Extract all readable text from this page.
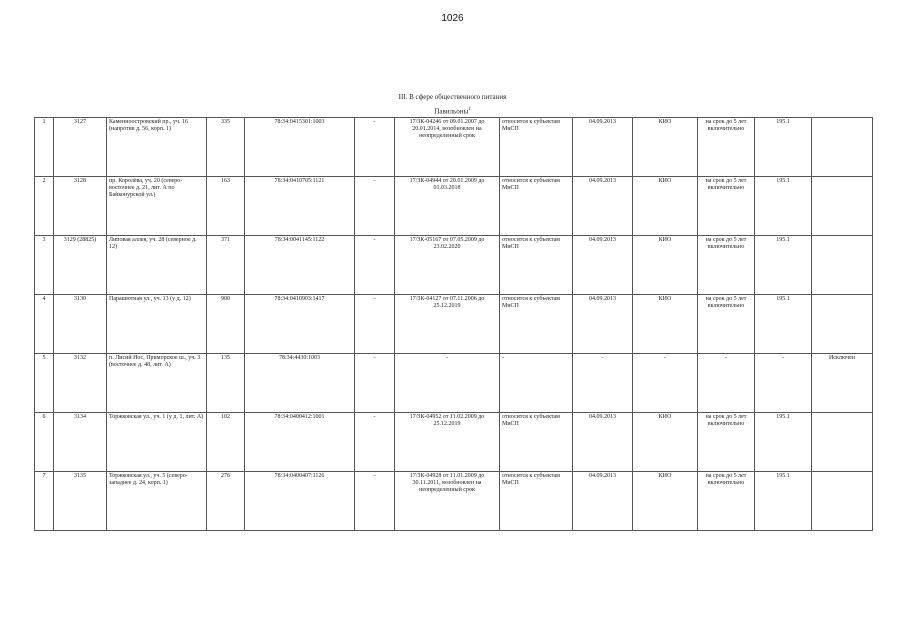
1026
III. В сфере общественного питания
Павильоны$^1$
1	3127	Каменноостровский пр., уч. 16 (напротив д. 56, корп. 1)	335	78:34:0415301:1003	-	17/ЗК-04246 от 09.01.2007 до 20.01.2014, возобновлен на неопределенный срок	относится к субъектам МиСП	04.09.2013	КИО	на срок до 5 лет включительно	195.1	
2	3128	пр. Королёва, уч. 20 (северо-восточнее д. 21, лит. А по Байконурской ул.)	163	78:34:0410705:1121	-	17/ЗК-04944 от 20.01.2009 до 01.03.2018	относится к субъектам МиСП	04.09.2013	КИО	на срок до 5 лет включительно	195.1	
3	3129 (28825)	Липовая аллея, уч. 28 (северное д. 12)	371	78:34:0041145:1122	-	17/ЗК-05167 от 07.05.2009 до 23.02.2020	относится к субъектам МиСП	04.09.2013	КИО	на срок до 5 лет включительно	195.1	
4	3130	Парашютная ул., уч. 13 (у д. 12)	900	78:34:0410903:1417	-	17/ЗК-04127 от 07.11.2006 до 25.12.2019	относится к субъектам МиСП	04.09.2013	КИО	на срок до 5 лет включительно	195.1	
5	3132	п. Лисий Нос, Приморское ш., уч. 3 (восточнее д. 48, лит. А)	135	78:34:4430:1003	-	-	-	-	-	-	-	Исключен
6	3134	Торжковская ул., уч. 1 (у д. 1, лит. А)	102	78:34:0400412:1001	-	17/ЗК-04952 от 11.02.2009 до 25.12.2019	относится к субъектам МиСП	04.09.2013	КИО	на срок до 5 лет включительно	195.1	
7	3135	Торжковская ул., уч. 5 (северо-западнее д. 24, корп. 1)	276	78:34:0400407:1126	-	17/ЗК-04928 от 11.01.2009 до 30.11.2011, возобновлен на неопределенный срок	относится к субъектам МиСП	04.09.2013	КИО	на срок до 5 лет включительно	195.1	
